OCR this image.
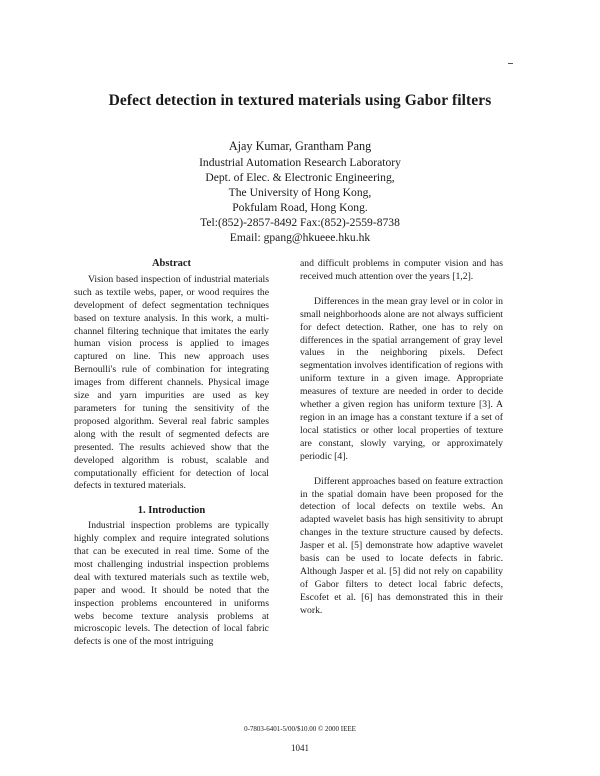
Defect detection in textured materials using Gabor filters
Ajay Kumar, Grantham Pang
Industrial Automation Research Laboratory
Dept. of Elec. & Electronic Engineering,
The University of Hong Kong,
Pokfulam Road, Hong Kong.
Tel:(852)-2857-8492 Fax:(852)-2559-8738
Email: gpang@hkueee.hku.hk
Abstract

Vision based inspection of industrial materials such as textile webs, paper, or wood requires the development of defect segmentation techniques based on texture analysis. In this work, a multi-channel filtering technique that imitates the early human vision process is applied to images captured on line. This new approach uses Bernoulli's rule of combination for integrating images from different channels. Physical image size and yarn impurities are used as key parameters for tuning the sensitivity of the proposed algorithm. Several real fabric samples along with the result of segmented defects are presented. The results achieved show that the developed algorithm is robust, scalable and computationally efficient for detection of local defects in textured materials.

1. Introduction

Industrial inspection problems are typically highly complex and require integrated solutions that can be executed in real time. Some of the most challenging industrial inspection problems deal with textured materials such as textile web, paper and wood. It should be noted that the inspection problems encountered in uniforms webs become texture analysis problems at microscopic levels. The detection of local fabric defects is one of the most intriguing

and difficult problems in computer vision and has received much attention over the years [1,2].

Differences in the mean gray level or in color in small neighborhoods alone are not always sufficient for defect detection. Rather, one has to rely on differences in the spatial arrangement of gray level values in the neighboring pixels. Defect segmentation involves identification of regions with uniform texture in a given image. Appropriate measures of texture are needed in order to decide whether a given region has uniform texture [3]. A region in an image has a constant texture if a set of local statistics or other local properties of texture are constant, slowly varying, or approximately periodic [4].

Different approaches based on feature extraction in the spatial domain have been proposed for the detection of local defects on textile webs. An adapted wavelet basis has high sensitivity to abrupt changes in the texture structure caused by defects. Jasper et al. [5] demonstrate how adaptive wavelet basis can be used to locate defects in fabric. Although Jasper et al. [5] did not rely on capability of Gabor filters to detect local fabric defects, Escofet et al. [6] has demonstrated this in their work.

0-7803-6401-5/00/$10.00 © 2000 IEEE
1041
